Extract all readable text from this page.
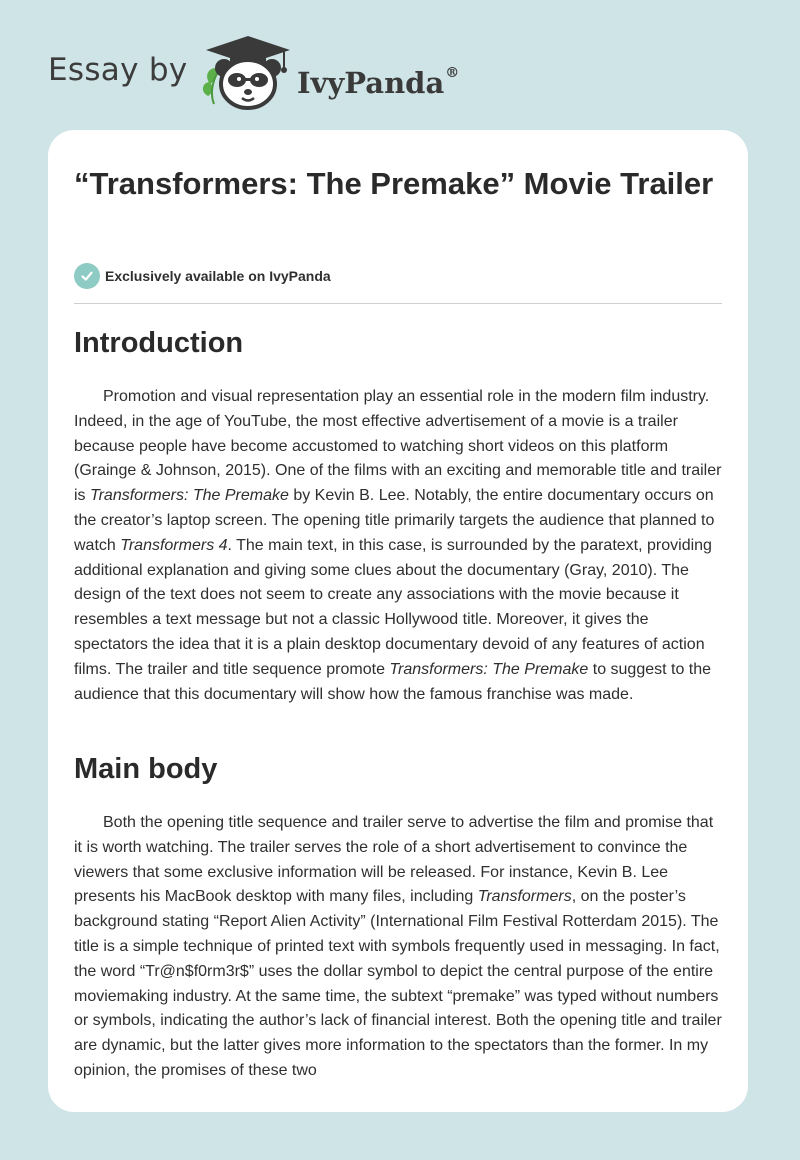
Essay by	IvyPanda®
“Transformers: The Premake” Movie Trailer
Exclusively available on IvyPanda
Introduction

Promotion and visual representation play an essential role in the modern film industry. Indeed, in the age of YouTube, the most effective advertisement of a movie is a trailer because people have become accustomed to watching short videos on this platform (Grainge & Johnson, 2015). One of the films with an exciting and memorable title and trailer is Transformers: The Premake by Kevin B. Lee. Notably, the entire documentary occurs on the creator’s laptop screen. The opening title primarily targets the audience that planned to watch Transformers 4. The main text, in this case, is surrounded by the paratext, providing additional explanation and giving some clues about the documentary (Gray, 2010). The design of the text does not seem to create any associations with the movie because it resembles a text message but not a classic Hollywood title. Moreover, it gives the spectators the idea that it is a plain desktop documentary devoid of any features of action films. The trailer and title sequence promote Transformers: The Premake to suggest to the audience that this documentary will show how the famous franchise was made.

Main body

Both the opening title sequence and trailer serve to advertise the film and promise that it is worth watching. The trailer serves the role of a short advertisement to convince the viewers that some exclusive information will be released. For instance, Kevin B. Lee presents his MacBook desktop with many files, including Transformers, on the poster’s background stating “Report Alien Activity” (International Film Festival Rotterdam 2015). The title is a simple technique of printed text with symbols frequently used in messaging. In fact, the word “Tr@n$f0rm3r$” uses the dollar symbol to depict the central purpose of the entire moviemaking industry. At the same time, the subtext “premake” was typed without numbers or symbols, indicating the author’s lack of financial interest. Both the opening title and trailer are dynamic, but the latter gives more information to the spectators than the former. In my opinion, the promises of these two
